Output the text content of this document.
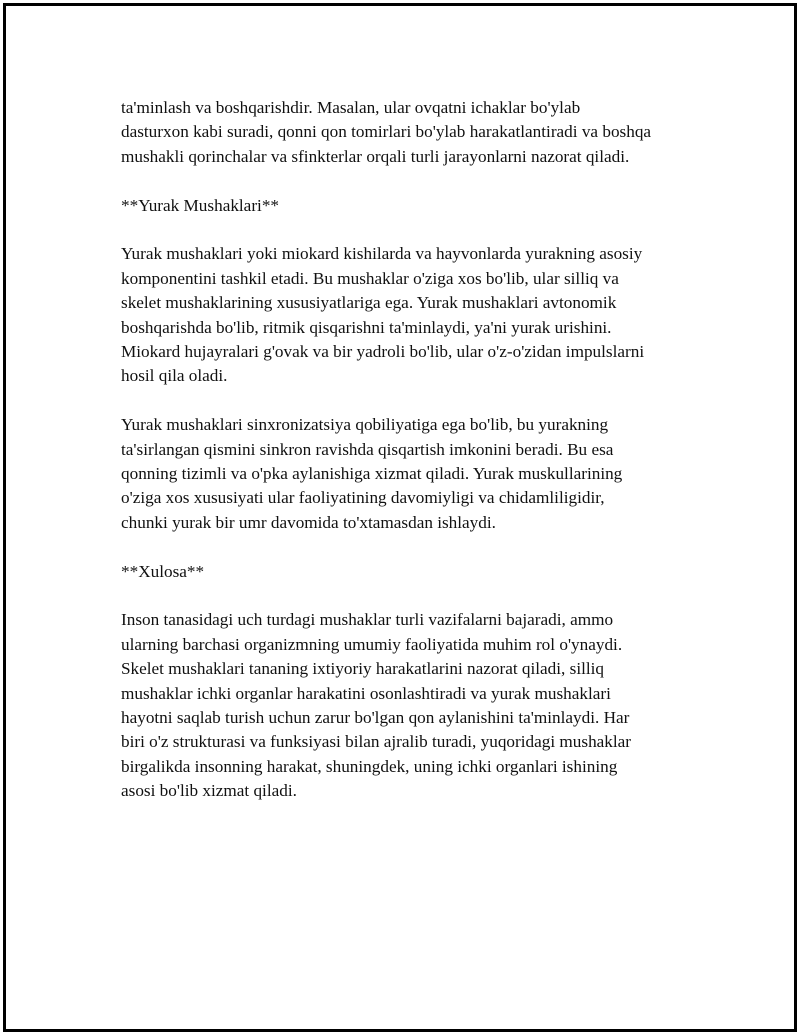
ta'minlash va boshqarishdir. Masalan, ular ovqatni ichaklar bo'ylab
dasturxon kabi suradi, qonni qon tomirlari bo'ylab harakatlantiradi va boshqa
mushakli qorinchalar va sfinkterlar orqali turli jarayonlarni nazorat qiladi.

**Yurak Mushaklari**

Yurak mushaklari yoki miokard kishilarda va hayvonlarda yurakning asosiy
komponentini tashkil etadi. Bu mushaklar o'ziga xos bo'lib, ular silliq va
skelet mushaklarining xususiyatlariga ega. Yurak mushaklari avtonomik
boshqarishda bo'lib, ritmik qisqarishni ta'minlaydi, ya'ni yurak urishini.
Miokard hujayralari g'ovak va bir yadroli bo'lib, ular o'z-o'zidan impulslarni
hosil qila oladi.

Yurak mushaklari sinxronizatsiya qobiliyatiga ega bo'lib, bu yurakning
ta'sirlangan qismini sinkron ravishda qisqartish imkonini beradi. Bu esa
qonning tizimli va o'pka aylanishiga xizmat qiladi. Yurak muskullarining
o'ziga xos xususiyati ular faoliyatining davomiyligi va chidamliligidir,
chunki yurak bir umr davomida to'xtamasdan ishlaydi.

**Xulosa**

Inson tanasidagi uch turdagi mushaklar turli vazifalarni bajaradi, ammo
ularning barchasi organizmning umumiy faoliyatida muhim rol o'ynaydi.
Skelet mushaklari tananing ixtiyoriy harakatlarini nazorat qiladi, silliq
mushaklar ichki organlar harakatini osonlashtiradi va yurak mushaklari
hayotni saqlab turish uchun zarur bo'lgan qon aylanishini ta'minlaydi. Har
biri o'z strukturasi va funksiyasi bilan ajralib turadi, yuqoridagi mushaklar
birgalikda insonning harakat, shuningdek, uning ichki organlari ishining
asosi bo'lib xizmat qiladi.
